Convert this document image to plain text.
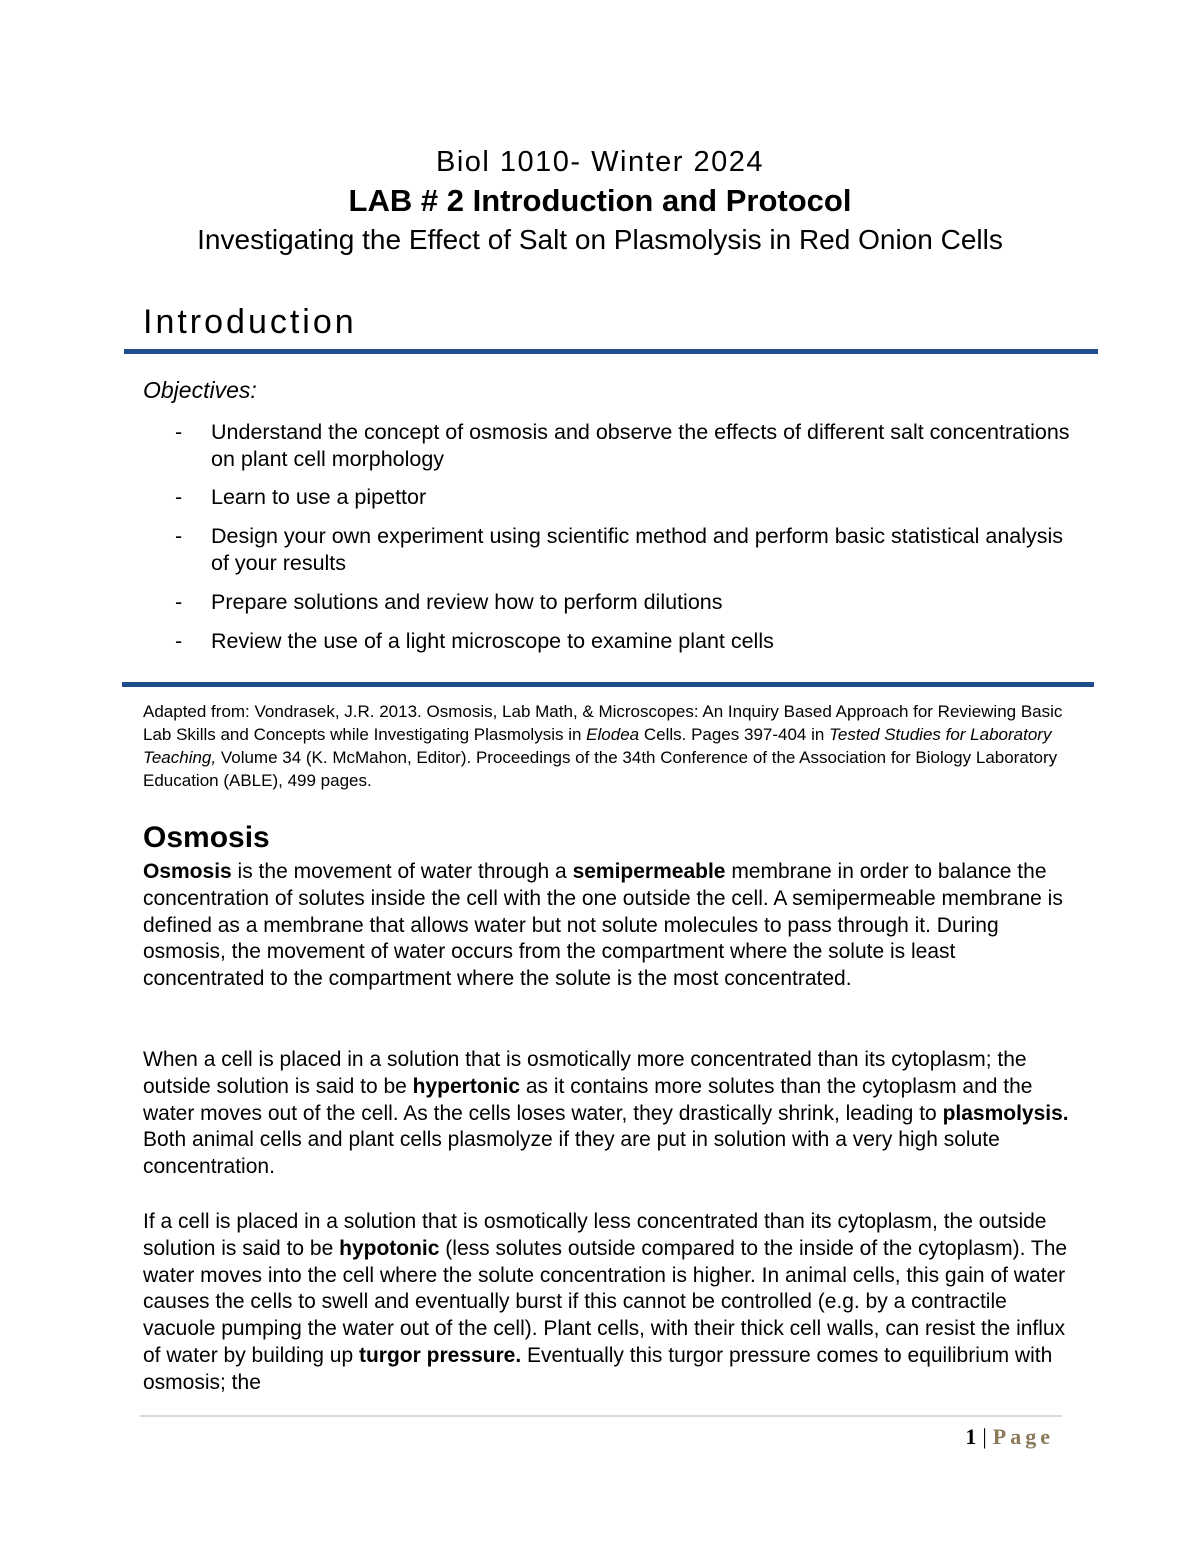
Biol 1010- Winter 2024
LAB # 2 Introduction and Protocol
Investigating the Effect of Salt on Plasmolysis in Red Onion Cells
Introduction
Objectives:
- Understand the concept of osmosis and observe the effects of different salt concentrations on plant cell morphology
- Learn to use a pipettor
- Design your own experiment using scientific method and perform basic statistical analysis of your results
- Prepare solutions and review how to perform dilutions
- Review the use of a light microscope to examine plant cells
Adapted from: Vondrasek, J.R. 2013. Osmosis, Lab Math, & Microscopes: An Inquiry Based Approach for Reviewing Basic Lab Skills and Concepts while Investigating Plasmolysis in Elodea Cells. Pages 397-404 in Tested Studies for Laboratory Teaching, Volume 34 (K. McMahon, Editor). Proceedings of the 34th Conference of the Association for Biology Laboratory Education (ABLE), 499 pages.
Osmosis
Osmosis is the movement of water through a semipermeable membrane in order to balance the concentration of solutes inside the cell with the one outside the cell. A semipermeable membrane is defined as a membrane that allows water but not solute molecules to pass through it. During osmosis, the movement of water occurs from the compartment where the solute is least concentrated to the compartment where the solute is the most concentrated.
When a cell is placed in a solution that is osmotically more concentrated than its cytoplasm; the outside solution is said to be hypertonic as it contains more solutes than the cytoplasm and the water moves out of the cell. As the cells loses water, they drastically shrink, leading to plasmolysis. Both animal cells and plant cells plasmolyze if they are put in solution with a very high solute concentration.
If a cell is placed in a solution that is osmotically less concentrated than its cytoplasm, the outside solution is said to be hypotonic (less solutes outside compared to the inside of the cytoplasm). The water moves into the cell where the solute concentration is higher. In animal cells, this gain of water causes the cells to swell and eventually burst if this cannot be controlled (e.g. by a contractile vacuole pumping the water out of the cell). Plant cells, with their thick cell walls, can resist the influx of water by building up turgor pressure. Eventually this turgor pressure comes to equilibrium with osmosis; the
1 | Page
